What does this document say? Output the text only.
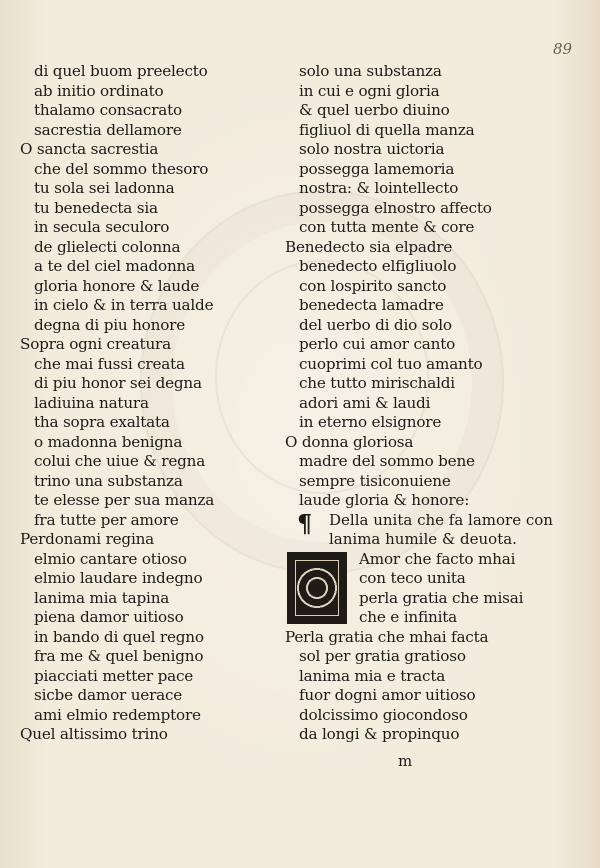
89
di quel buom preelecto
ab initio ordinato
thalamo consacrato
sacrestia dellamore
O sancta sacrestia
che del sommo thesoro
tu sola sei ladonna
tu benedecta sia
in secula seculoro
de glielecti colonna
a te del ciel madonna
gloria honore & laude
in cielo & in terra ualde
degna di piu honore
Sopra ogni creatura
che mai fussi creata
di piu honor sei degna
ladiuina natura
tha sopra exaltata
o madonna benigna
colui che uiue & regna
trino una substanza
te elesse per sua manza
fra tutte per amore
Perdonami regina
elmio cantare otioso
elmio laudare indegno
lanima mia tapina
piena damor uitioso
in bando di quel regno
fra me & quel benigno
piacciati metter pace
sicbe damor uerace
ami elmio redemptore
Quel altissimo trino
solo una substanza
in cui e ogni gloria
& quel uerbo diuino
figliuol di quella manza
solo nostra uictoria
possegga lamemoria
nostra: & lointellecto
possegga elnostro affecto
con tutta mente & core
Benedecto sia elpadre
benedecto elfigliuolo
con lospirito sancto
benedecta lamadre
del uerbo di dio solo
perlo cui amor canto
cuoprimi col tuo amanto
che tutto mirischaldi
adori ami & laudi
in eterno elsignore
O donna gloriosa
madre del sommo bene
sempre tisiconuiene
laude gloria & honore:
¶	Della unita che fa lamore con
lanima humile & deuota.
Amor che facto mhai
con teco unita
perla gratia che misai
che e infinita
Perla gratia che mhai facta
sol per gratia gratioso
lanima mia e tracta
fuor dogni amor uitioso
dolcissimo giocondoso
da longi & propinquo
m
